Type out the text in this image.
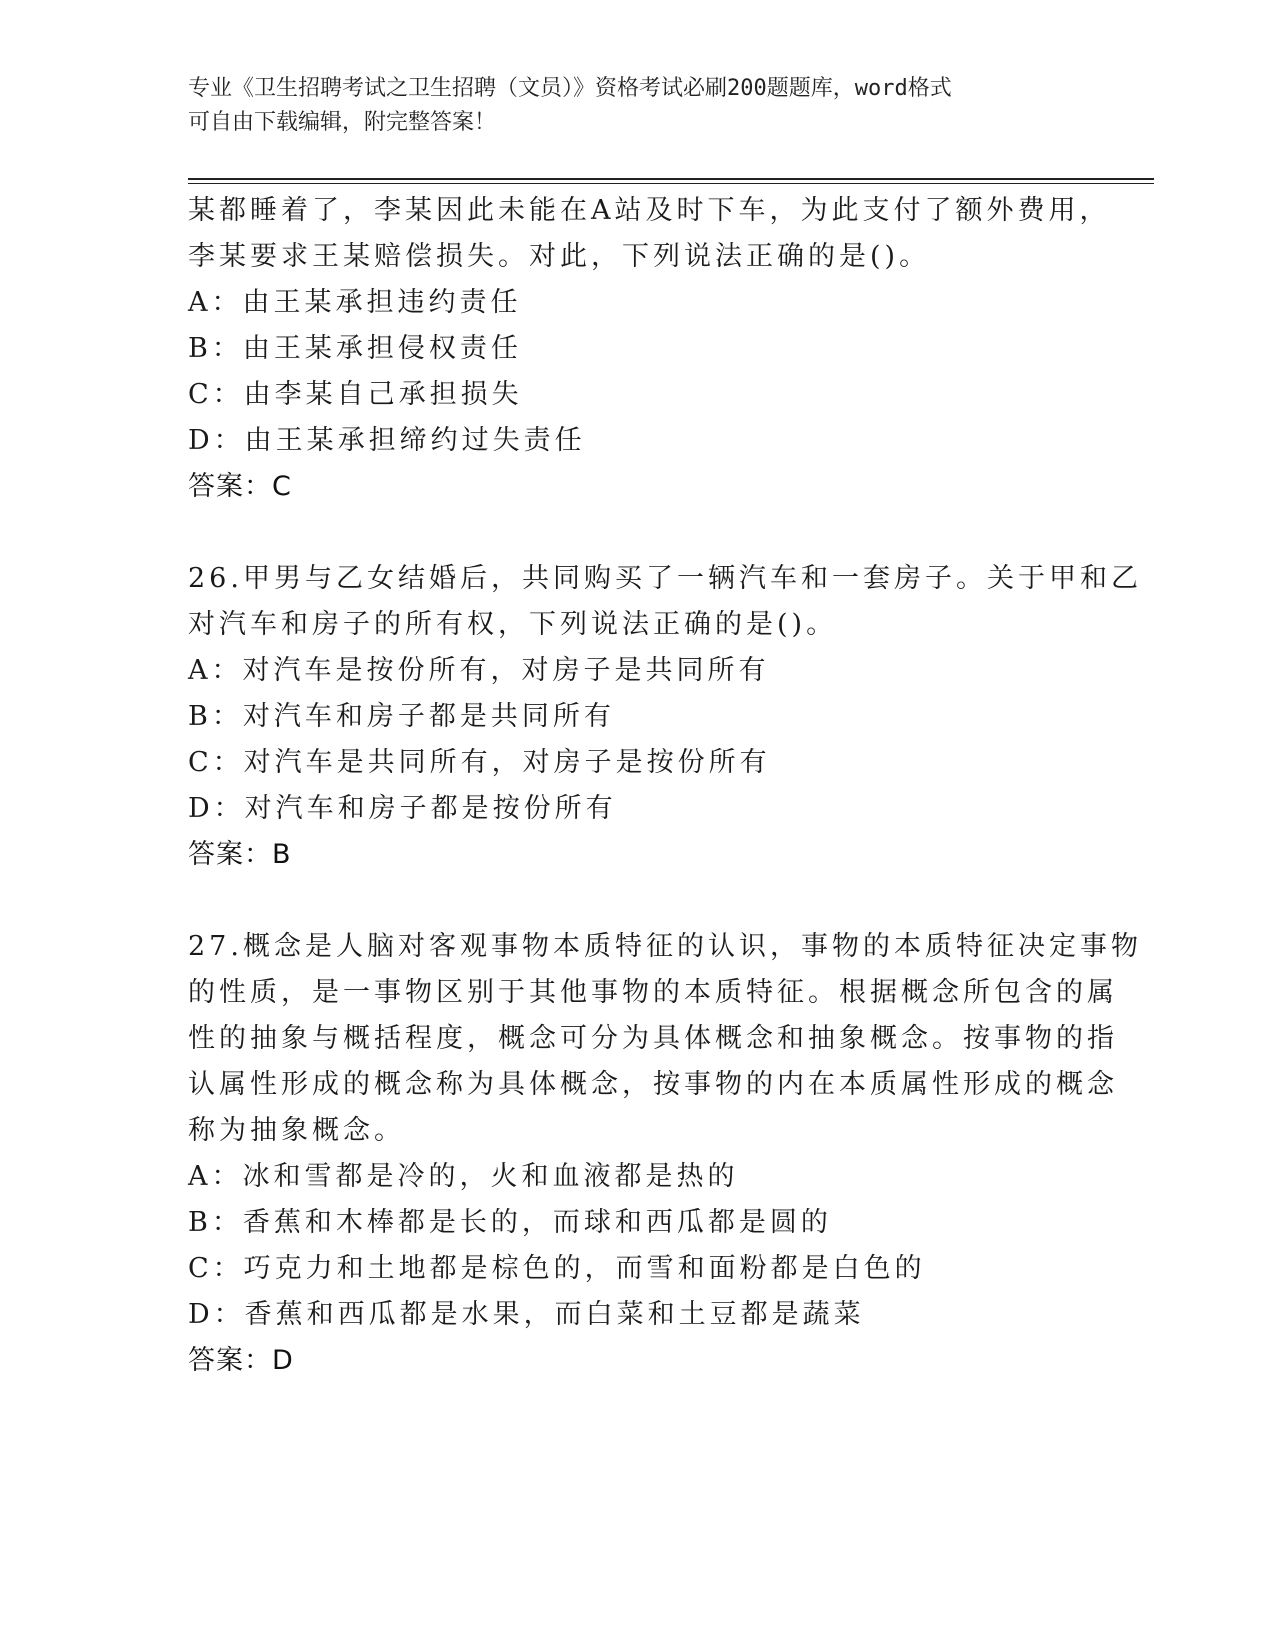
专业《卫生招聘考试之卫生招聘（文员）》资格考试必刷200题题库，word格式
可自由下载编辑，附完整答案！
某都睡着了，李某因此未能在A站及时下车，为此支付了额外费用，
李某要求王某赔偿损失。对此，下列说法正确的是()。
A：由王某承担违约责任
B：由王某承担侵权责任
C：由李某自己承担损失
D：由王某承担缔约过失责任
答案：C
26.甲男与乙女结婚后，共同购买了一辆汽车和一套房子。关于甲和乙
对汽车和房子的所有权，下列说法正确的是()。
A：对汽车是按份所有，对房子是共同所有
B：对汽车和房子都是共同所有
C：对汽车是共同所有，对房子是按份所有
D：对汽车和房子都是按份所有
答案：B
27.概念是人脑对客观事物本质特征的认识，事物的本质特征决定事物
的性质，是一事物区别于其他事物的本质特征。根据概念所包含的属
性的抽象与概括程度，概念可分为具体概念和抽象概念。按事物的指
认属性形成的概念称为具体概念，按事物的内在本质属性形成的概念
称为抽象概念。
A：冰和雪都是冷的，火和血液都是热的
B：香蕉和木棒都是长的，而球和西瓜都是圆的
C：巧克力和土地都是棕色的，而雪和面粉都是白色的
D：香蕉和西瓜都是水果，而白菜和土豆都是蔬菜
答案：D
